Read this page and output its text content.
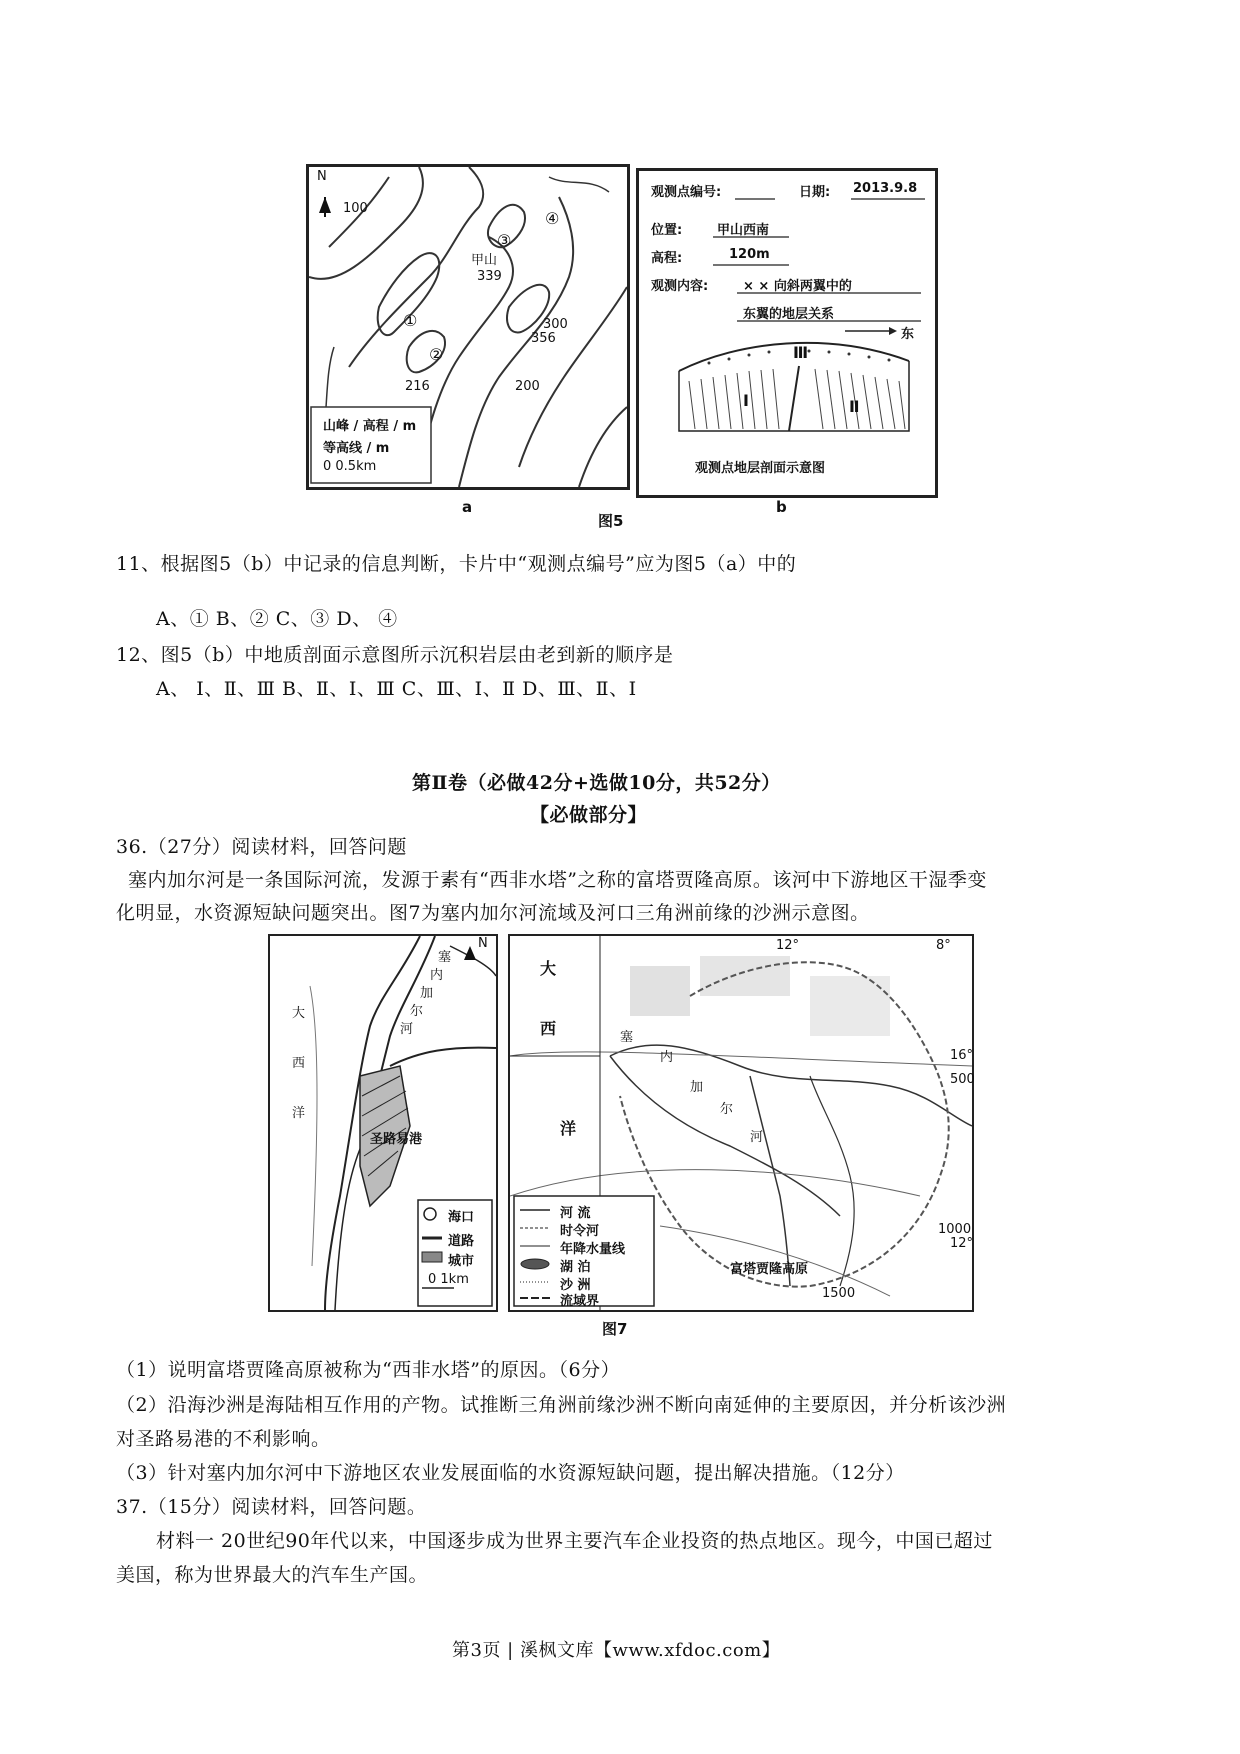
N
100
300
200
甲山
339
356
216
①
②
③
④
山峰 / 高程 / m
等高线 / m
0 0.5km
观测点编号:	日期: 2013.9.8
位置:	甲山西南
高程:	120m
观测内容:	× × 向斜两翼中的
东翼的地层关系
东
Ⅰ	Ⅱ
Ⅲ
观测点地层剖面示意图
a
图5
b
11、根据图5（b）中记录的信息判断，卡片中“观测点编号”应为图5（a）中的
A、① B、② C、③ D、 ④
12、图5（b）中地质剖面示意图所示沉积岩层由老到新的顺序是
A、 Ⅰ、Ⅱ、Ⅲ B、Ⅱ、Ⅰ、Ⅲ C、Ⅲ、Ⅰ、Ⅱ D、Ⅲ、Ⅱ、Ⅰ
第Ⅱ卷（必做42分+选做10分，共52分）
【必做部分】
36.（27分）阅读材料，回答问题
塞内加尔河是一条国际河流，发源于素有“西非水塔”之称的富塔贾隆高原。该河中下游地区干湿季变
化明显，水资源短缺问题突出。图7为塞内加尔河流域及河口三角洲前缘的沙洲示意图。
N
大
西
洋
塞
内
加
尔
河
圣路易港
海口
道路
城市
0 1km
大
西
洋
塞
内
加
尔
河
12°	8°
16°
12°
500
1000
1500
富塔贾隆高原
河 流
时令河
年降水量线
湖 泊
沙 洲
流域界
图7
（1）说明富塔贾隆高原被称为“西非水塔”的原因。（6分）
（2）沿海沙洲是海陆相互作用的产物。试推断三角洲前缘沙洲不断向南延伸的主要原因，并分析该沙洲
对圣路易港的不利影响。
（3）针对塞内加尔河中下游地区农业发展面临的水资源短缺问题，提出解决措施。（12分）
37.（15分）阅读材料，回答问题。
材料一 20世纪90年代以来，中国逐步成为世界主要汽车企业投资的热点地区。现今，中国已超过
美国，称为世界最大的汽车生产国。
第3页 | 溪枫文库【www.xfdoc.com】
